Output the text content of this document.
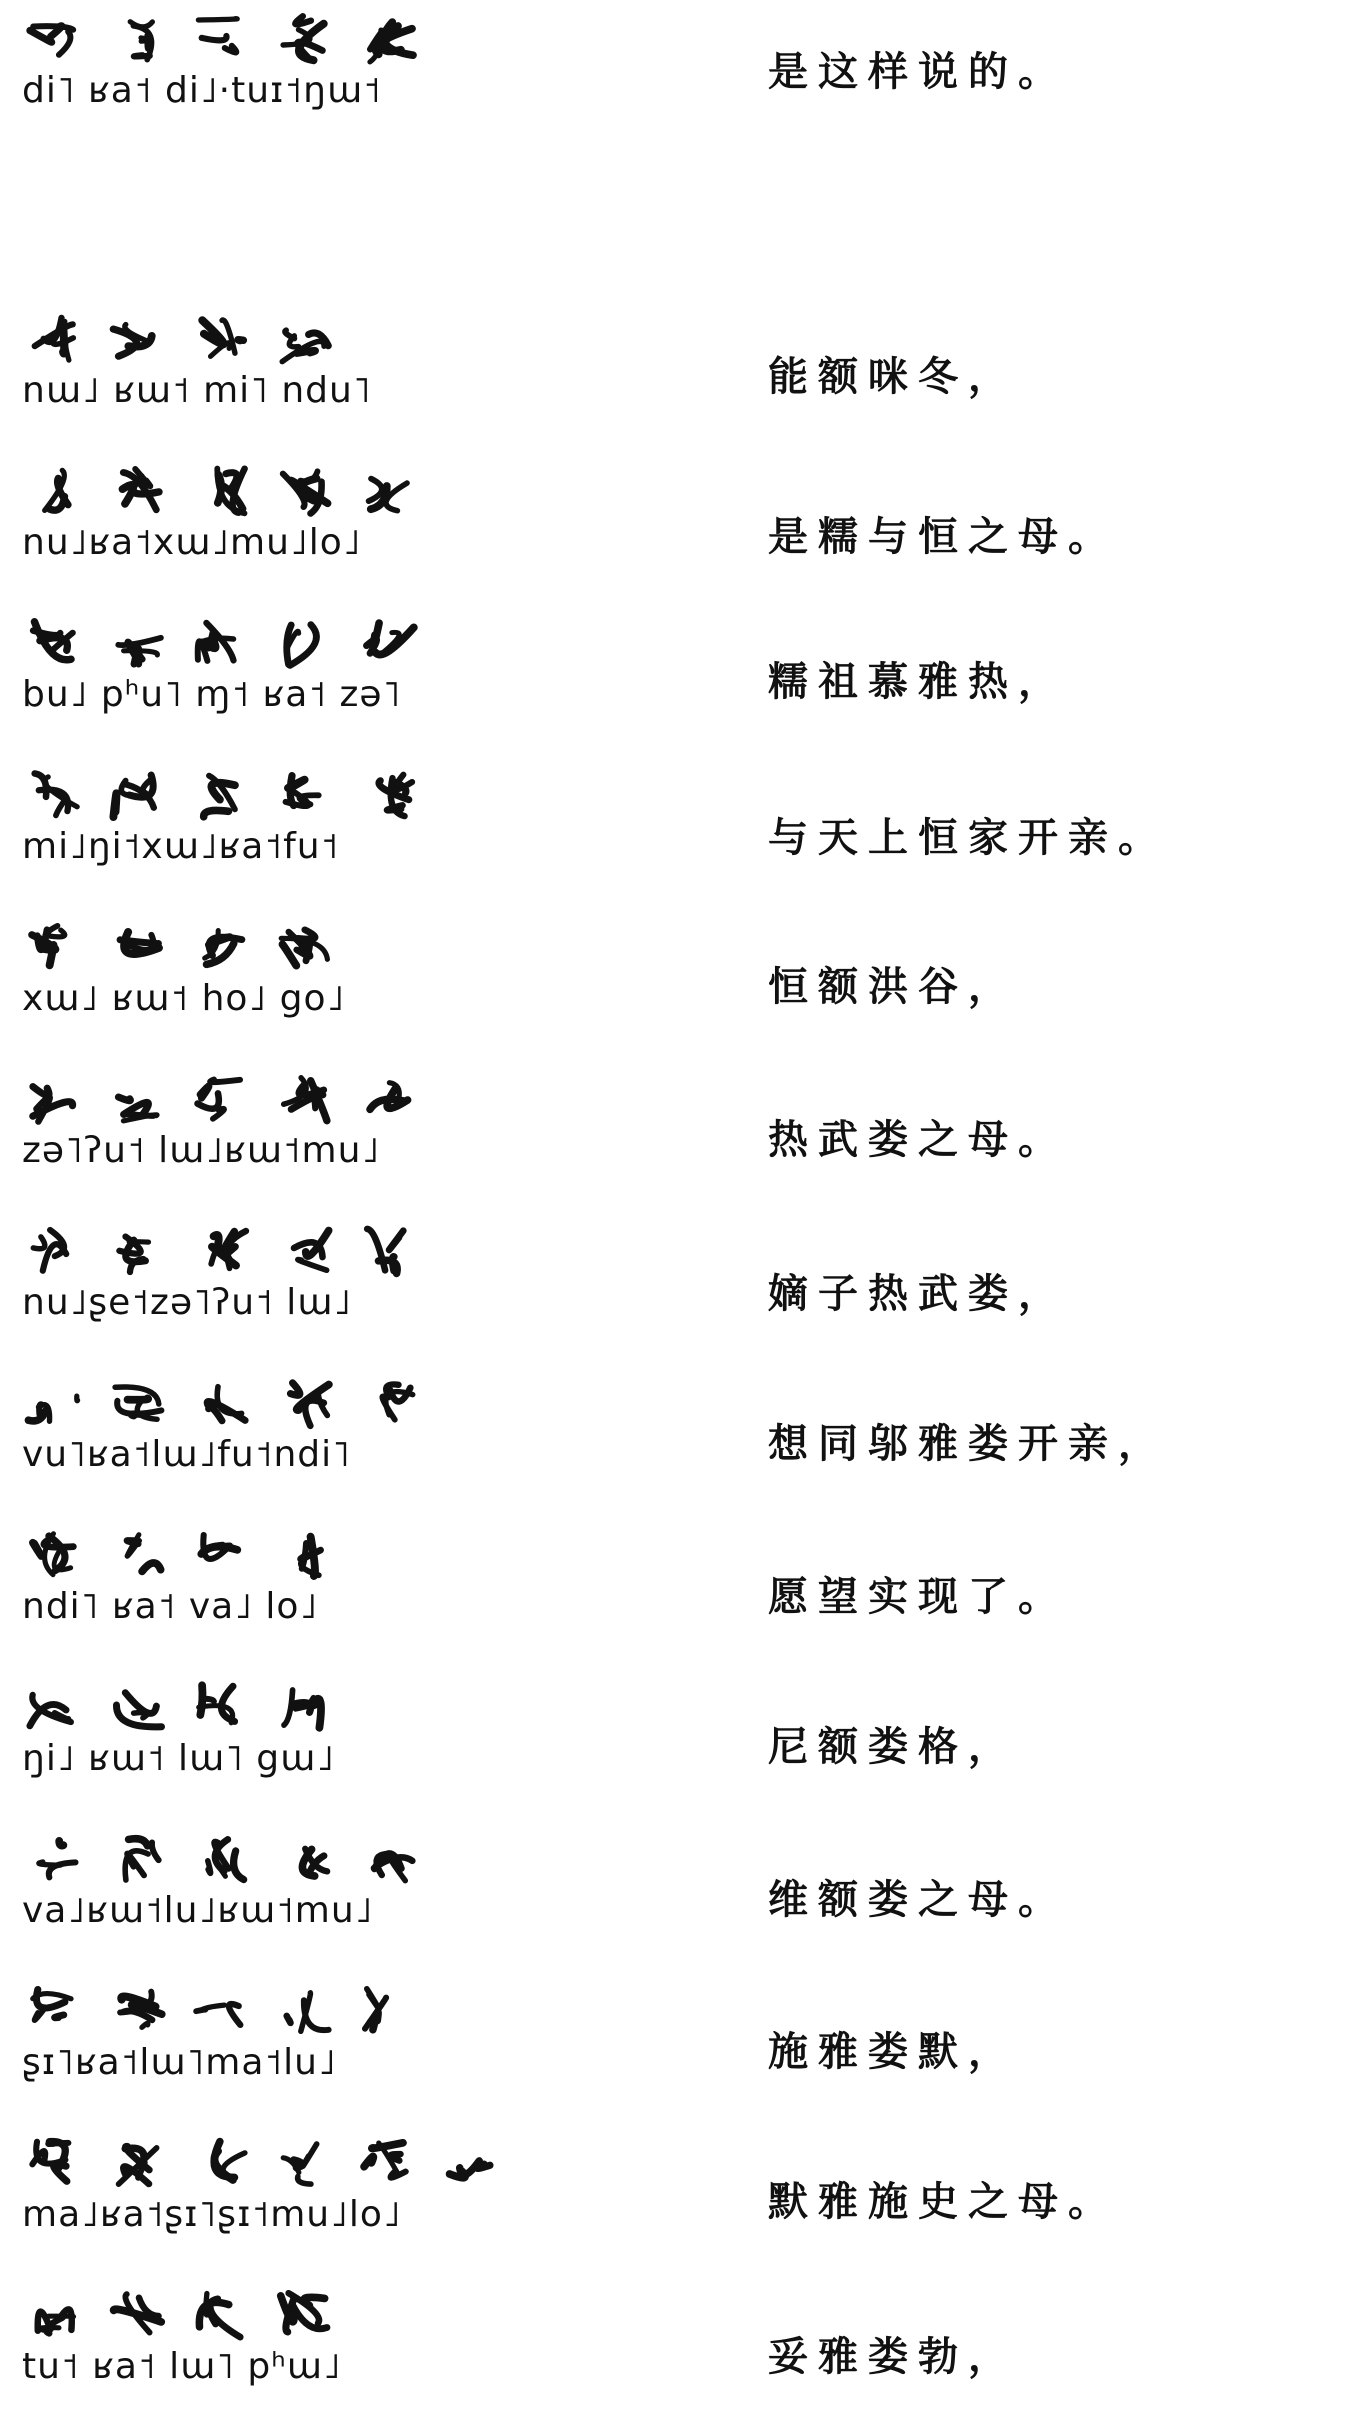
di˥ ʁa˦ di˩·tuɪ˦ŋɯ˦
nɯ˩ ʁɯ˦ mi˥ ndu˥
nu˩ʁa˦xɯ˩mu˩lo˩
bu˩ pʰu˥ ɱ˦ ʁa˦ zə˥
mi˩ŋi˦xɯ˩ʁa˦fu˦
xɯ˩ ʁɯ˦ ho˩ go˩
zə˥ʔu˦ lɯ˩ʁɯ˦mu˩
nu˩ʂe˦zə˥ʔu˦ lɯ˩
vu˥ʁa˦lɯ˩fu˦ndi˥
ndi˥ ʁa˦ va˩ lo˩
ŋi˩ ʁɯ˦ lɯ˥ gɯ˩
va˩ʁɯ˦lu˩ʁɯ˦mu˩
ʂɪ˥ʁa˦lɯ˥ma˦lu˩
ma˩ʁa˦ʂɪ˥ʂɪ˦mu˩lo˩
tu˦ ʁa˦ lɯ˥ pʰɯ˩
是这样说的。
能额咪冬，
是糯与恒之母。
糯祖慕雅热，
与天上恒家开亲。
恒额洪谷，
热武娄之母。
嫡子热武娄，
想同邬雅娄开亲，
愿望实现了。
尼额娄格，
维额娄之母。
施雅娄默，
默雅施史之母。
妥雅娄勃，
